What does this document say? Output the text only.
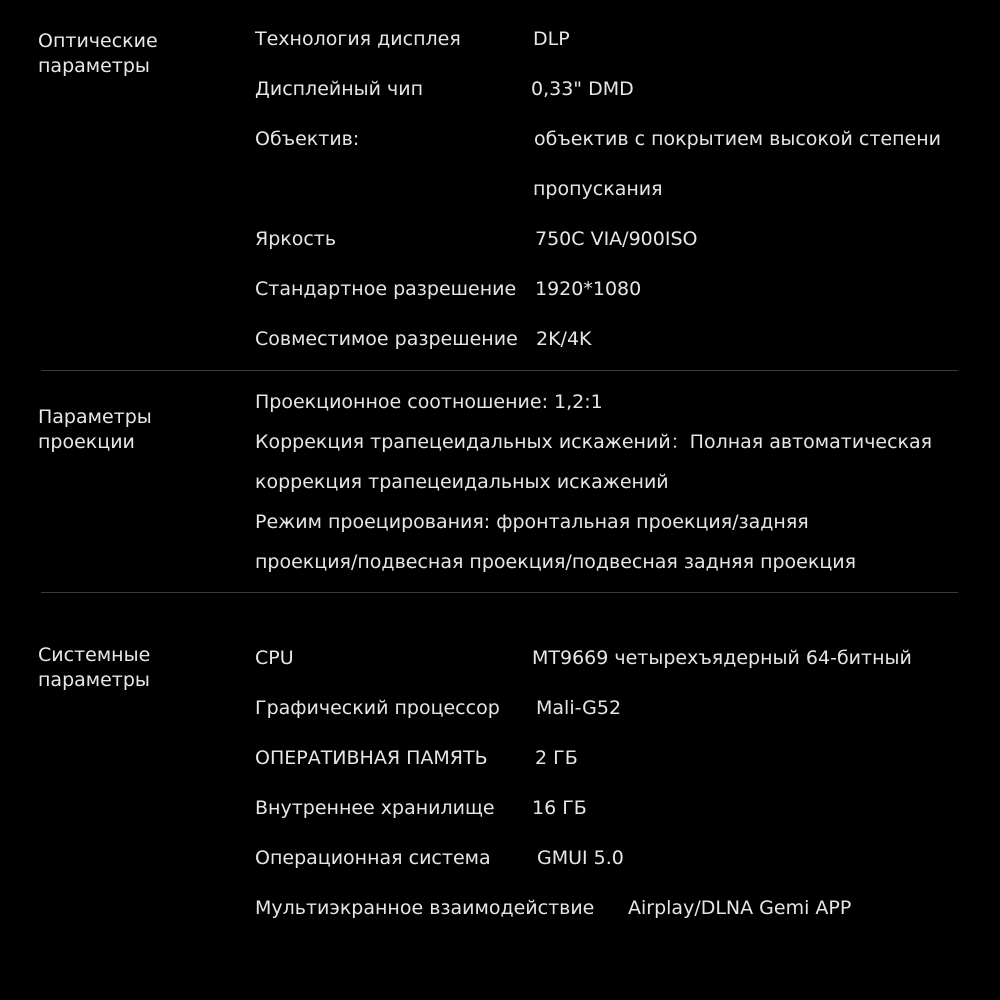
Оптические
параметры
Технология дисплея	DLP
Дисплейный чип	0,33" DMD
Объектив:	объектив с покрытием высокой степени
пропускания
Яркость	750C VIA/900ISO
Стандартное разрешение 1920*1080
Совместимое разрешение 2K/4K
Параметры
проекции
Проекционное соотношение: 1,2:1
Коррекция трапецеидальных искажений：Полная автоматическая
коррекция трапецеидальных искажений
Режим проецирования: фронтальная проекция/задняя
проекция/подвесная проекция/подвесная задняя проекция
Системные
параметры
CPU	MT9669 четырехъядерный 64-битный
Графический процессор Mali-G52
ОПЕРАТИВНАЯ ПАМЯТЬ 2 ГБ
Внутреннее хранилище 16 ГБ
Операционная система GMUI 5.0
Мультиэкранное взаимодействие Airplay/DLNA Gemi APP
